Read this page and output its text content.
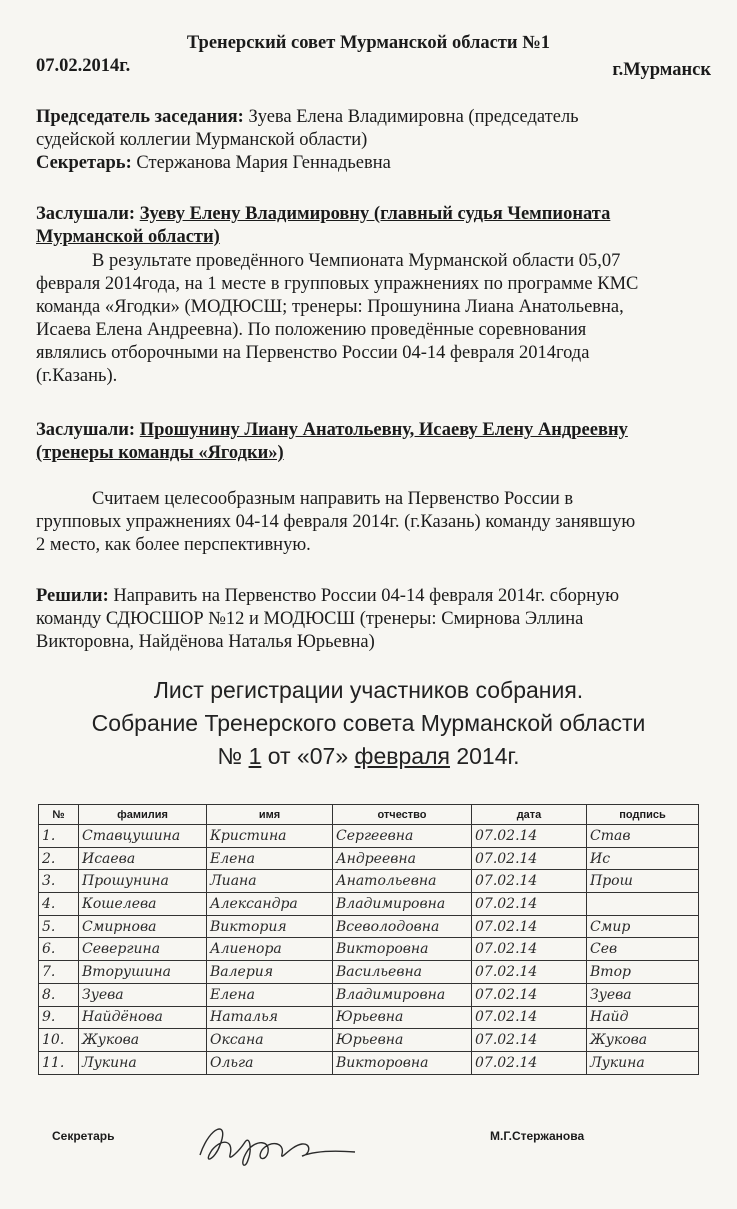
Тренерский совет Мурманской области №1
07.02.2014г.	г.Мурманск
Председатель заседания: Зуева Елена Владимировна (председатель
судейской коллегии Мурманской области)
Секретарь: Стержанова Мария Геннадьевна
Заслушали: Зуеву Елену Владимировну (главный судья Чемпионата
Мурманской области)
В результате проведённого Чемпионата Мурманской области 05,07
февраля 2014года, на 1 месте в групповых упражнениях по программе КМС
команда «Ягодки» (МОДЮСШ; тренеры: Прошунина Лиана Анатольевна,
Исаева Елена Андреевна). По положению проведённые соревнования
являлись отборочными на Первенство России 04-14 февраля 2014года
(г.Казань).
Заслушали: Прошунину Лиану Анатольевну, Исаеву Елену Андреевну
(тренеры команды «Ягодки»)
Считаем целесообразным направить на Первенство России в
групповых упражнениях 04-14 февраля 2014г. (г.Казань) команду занявшую
2 место, как более перспективную.
Решили: Направить на Первенство России 04-14 февраля 2014г. сборную
команду СДЮСШОР №12 и МОДЮСШ (тренеры: Смирнова Эллина
Викторовна, Найдёнова Наталья Юрьевна)
Лист регистрации участников собрания.
Собрание Тренерского совета Мурманской области
№ 1 от «07» февраля 2014г.
№	фамилия	имя	отчество	дата	подпись
1.	Ставцушина	Кристина	Сергеевна	07.02.14	Став
2.	Исаева	Елена	Андреевна	07.02.14	Ис
3.	Прошунина	Лиана	Анатольевна	07.02.14	Прош
4.	Кошелева	Александра	Владимировна	07.02.14	
5.	Смирнова	Виктория	Всеволодовна	07.02.14	Смир
6.	Севергина	Алиенора	Викторовна	07.02.14	Сев
7.	Вторушина	Валерия	Васильевна	07.02.14	Втор
8.	Зуева	Елена	Владимировна	07.02.14	Зуева
9.	Найдёнова	Наталья	Юрьевна	07.02.14	Найд
10.	Жукова	Оксана	Юрьевна	07.02.14	Жукова
11.	Лукина	Ольга	Викторовна	07.02.14	Лукина
Секретарь	М.Г.Стержанова
